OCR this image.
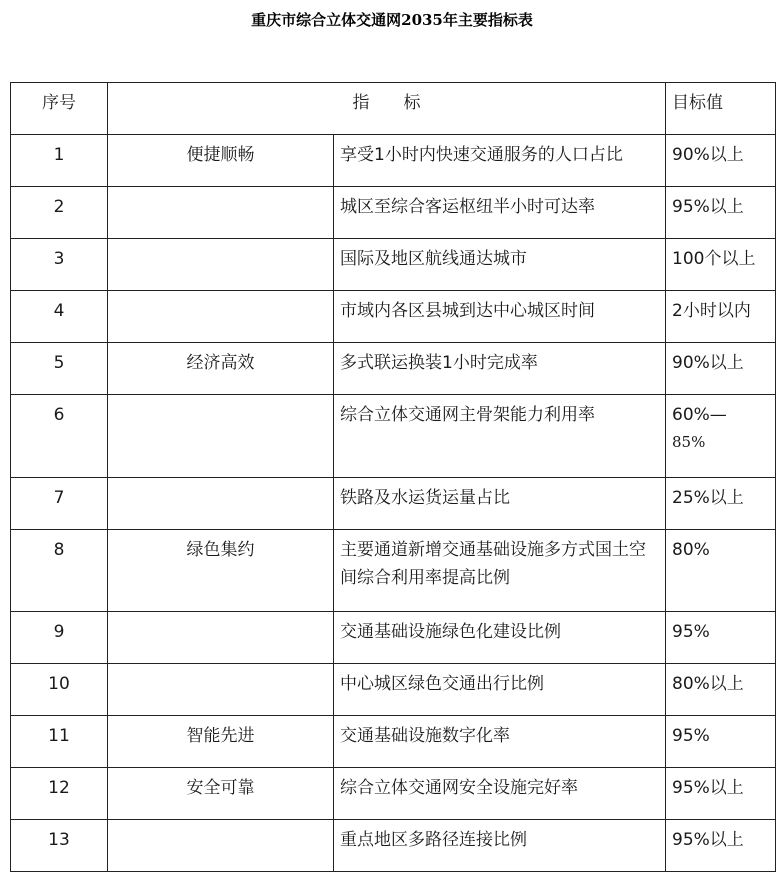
重庆市综合立体交通网2035年主要指标表
序号	指　　标		目标值
1	便捷顺畅	享受1小时内快速交通服务的人口占比	90%以上
2		城区至综合客运枢纽半小时可达率	95%以上
3		国际及地区航线通达城市	100个以上
4		市域内各区县城到达中心城区时间	2小时以内
5	经济高效	多式联运换装1小时完成率	90%以上
6		综合立体交通网主骨架能力利用率	60%—
85%

7		铁路及水运货运量占比	25%以上
8	绿色集约	主要通道新增交通基础设施多方式国土空间综合利用率提高比例	80%
9		交通基础设施绿色化建设比例	95%
10		中心城区绿色交通出行比例	80%以上
11	智能先进	交通基础设施数字化率	95%
12	安全可靠	综合立体交通网安全设施完好率	95%以上
13		重点地区多路径连接比例	95%以上
